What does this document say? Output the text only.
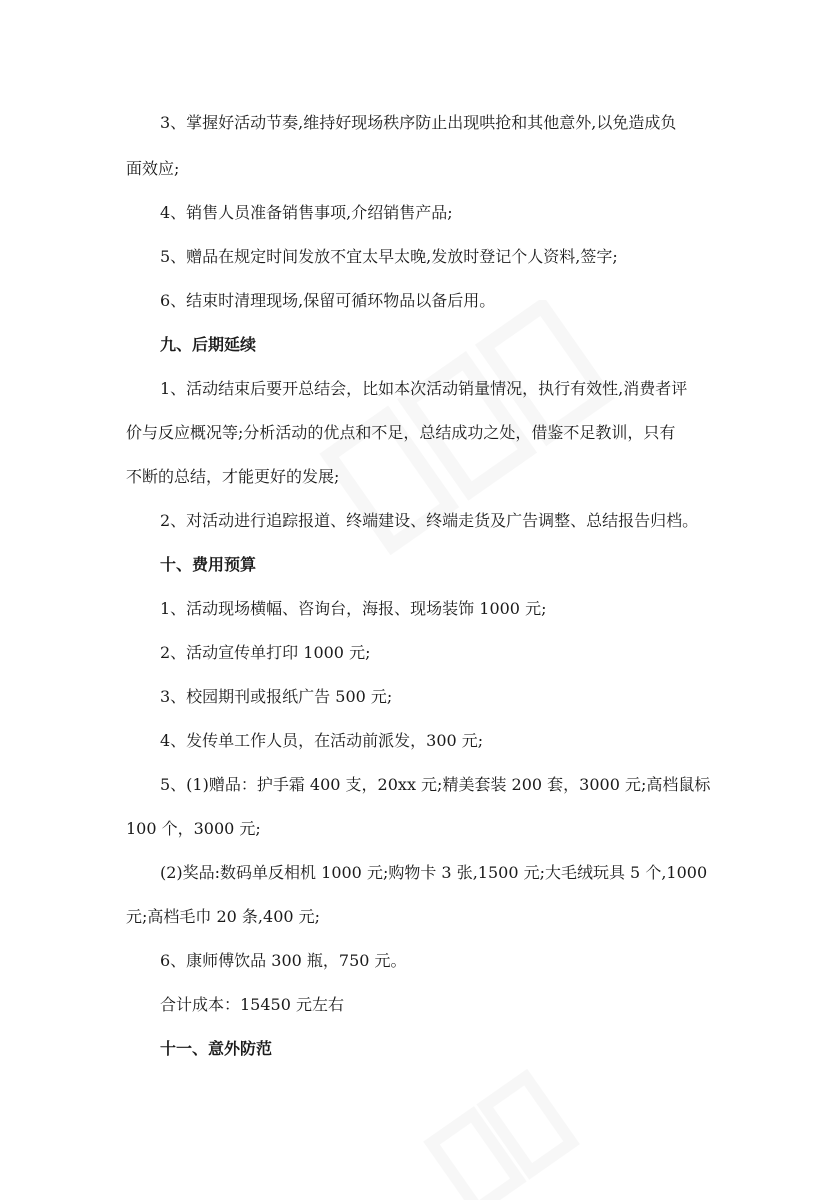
3、掌握好活动节奏,维持好现场秩序防止出现哄抢和其他意外,以免造成负
面效应;
4、销售人员准备销售事项,介绍销售产品;
5、赠品在规定时间发放不宜太早太晚,发放时登记个人资料,签字;
6、结束时清理现场,保留可循环物品以备后用。
九、后期延续
1、活动结束后要开总结会，比如本次活动销量情况，执行有效性,消费者评
价与反应概况等;分析活动的优点和不足，总结成功之处，借鉴不足教训，只有
不断的总结，才能更好的发展;
2、对活动进行追踪报道、终端建设、终端走货及广告调整、总结报告归档。
十、费用预算
1、活动现场横幅、咨询台，海报、现场装饰 1000 元;
2、活动宣传单打印 1000 元;
3、校园期刊或报纸广告 500 元;
4、发传单工作人员，在活动前派发，300 元;
5、(1)赠品：护手霜 400 支，20xx 元;精美套装 200 套，3000 元;高档鼠标
100 个，3000 元;
(2)奖品:数码单反相机 1000 元;购物卡 3 张,1500 元;大毛绒玩具 5 个,1000
元;高档毛巾 20 条,400 元;
6、康师傅饮品 300 瓶，750 元。
合计成本：15450 元左右
十一、意外防范
